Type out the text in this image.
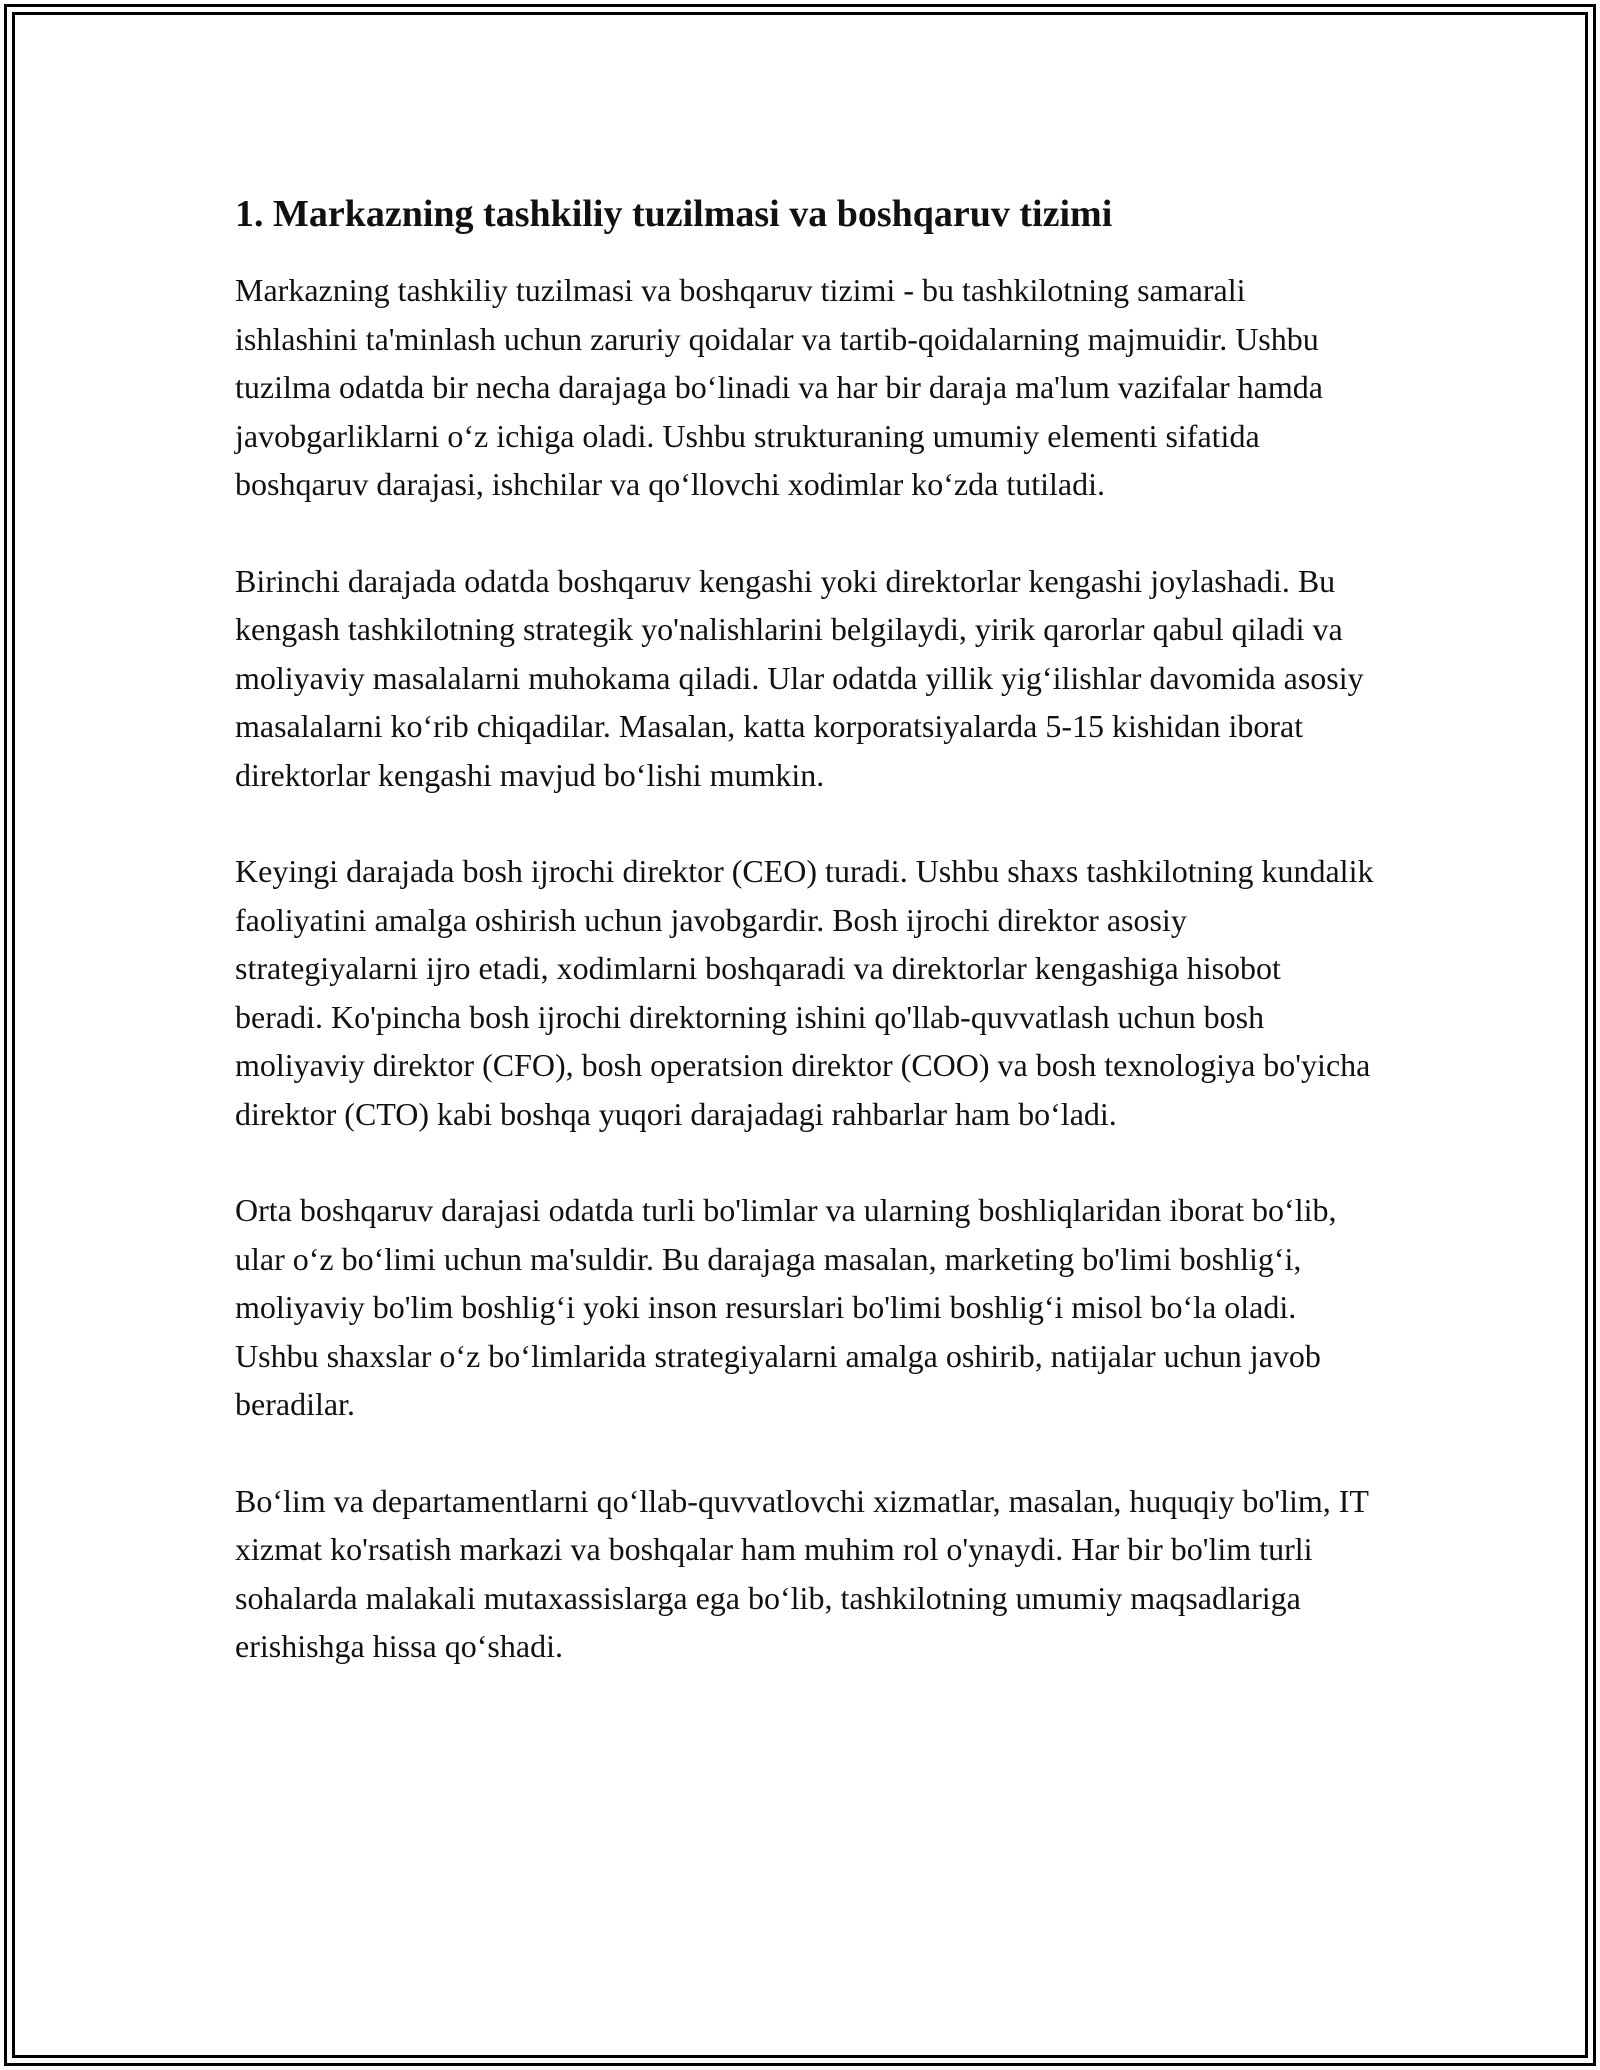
1. Markazning tashkiliy tuzilmasi va boshqaruv tizimi

Markazning tashkiliy tuzilmasi va boshqaruv tizimi - bu tashkilotning samarali ishlashini ta'minlash uchun zaruriy qoidalar va tartib-qoidalarning majmuidir. Ushbu tuzilma odatda bir necha darajaga bo‘linadi va har bir daraja ma'lum vazifalar hamda javobgarliklarni o‘z ichiga oladi. Ushbu strukturaning umumiy elementi sifatida boshqaruv darajasi, ishchilar va qo‘llovchi xodimlar ko‘zda tutiladi.

Birinchi darajada odatda boshqaruv kengashi yoki direktorlar kengashi joylashadi. Bu kengash tashkilotning strategik yo'nalishlarini belgilaydi, yirik qarorlar qabul qiladi va moliyaviy masalalarni muhokama qiladi. Ular odatda yillik yig‘ilishlar davomida asosiy masalalarni ko‘rib chiqadilar. Masalan, katta korporatsiyalarda 5-15 kishidan iborat direktorlar kengashi mavjud bo‘lishi mumkin.

Keyingi darajada bosh ijrochi direktor (CEO) turadi. Ushbu shaxs tashkilotning kundalik faoliyatini amalga oshirish uchun javobgardir. Bosh ijrochi direktor asosiy strategiyalarni ijro etadi, xodimlarni boshqaradi va direktorlar kengashiga hisobot beradi. Ko'pincha bosh ijrochi direktorning ishini qo'llab-quvvatlash uchun bosh moliyaviy direktor (CFO), bosh operatsion direktor (COO) va bosh texnologiya bo'yicha direktor (CTO) kabi boshqa yuqori darajadagi rahbarlar ham bo‘ladi.

Orta boshqaruv darajasi odatda turli bo'limlar va ularning boshliqlaridan iborat bo‘lib, ular o‘z bo‘limi uchun ma'suldir. Bu darajaga masalan, marketing bo'limi boshlig‘i, moliyaviy bo'lim boshlig‘i yoki inson resurslari bo'limi boshlig‘i misol bo‘la oladi. Ushbu shaxslar o‘z bo‘limlarida strategiyalarni amalga oshirib, natijalar uchun javob beradilar.

Bo‘lim va departamentlarni qo‘llab-quvvatlovchi xizmatlar, masalan, huquqiy bo'lim, IT xizmat ko'rsatish markazi va boshqalar ham muhim rol o'ynaydi. Har bir bo'lim turli sohalarda malakali mutaxassislarga ega bo‘lib, tashkilotning umumiy maqsadlariga erishishga hissa qo‘shadi.
